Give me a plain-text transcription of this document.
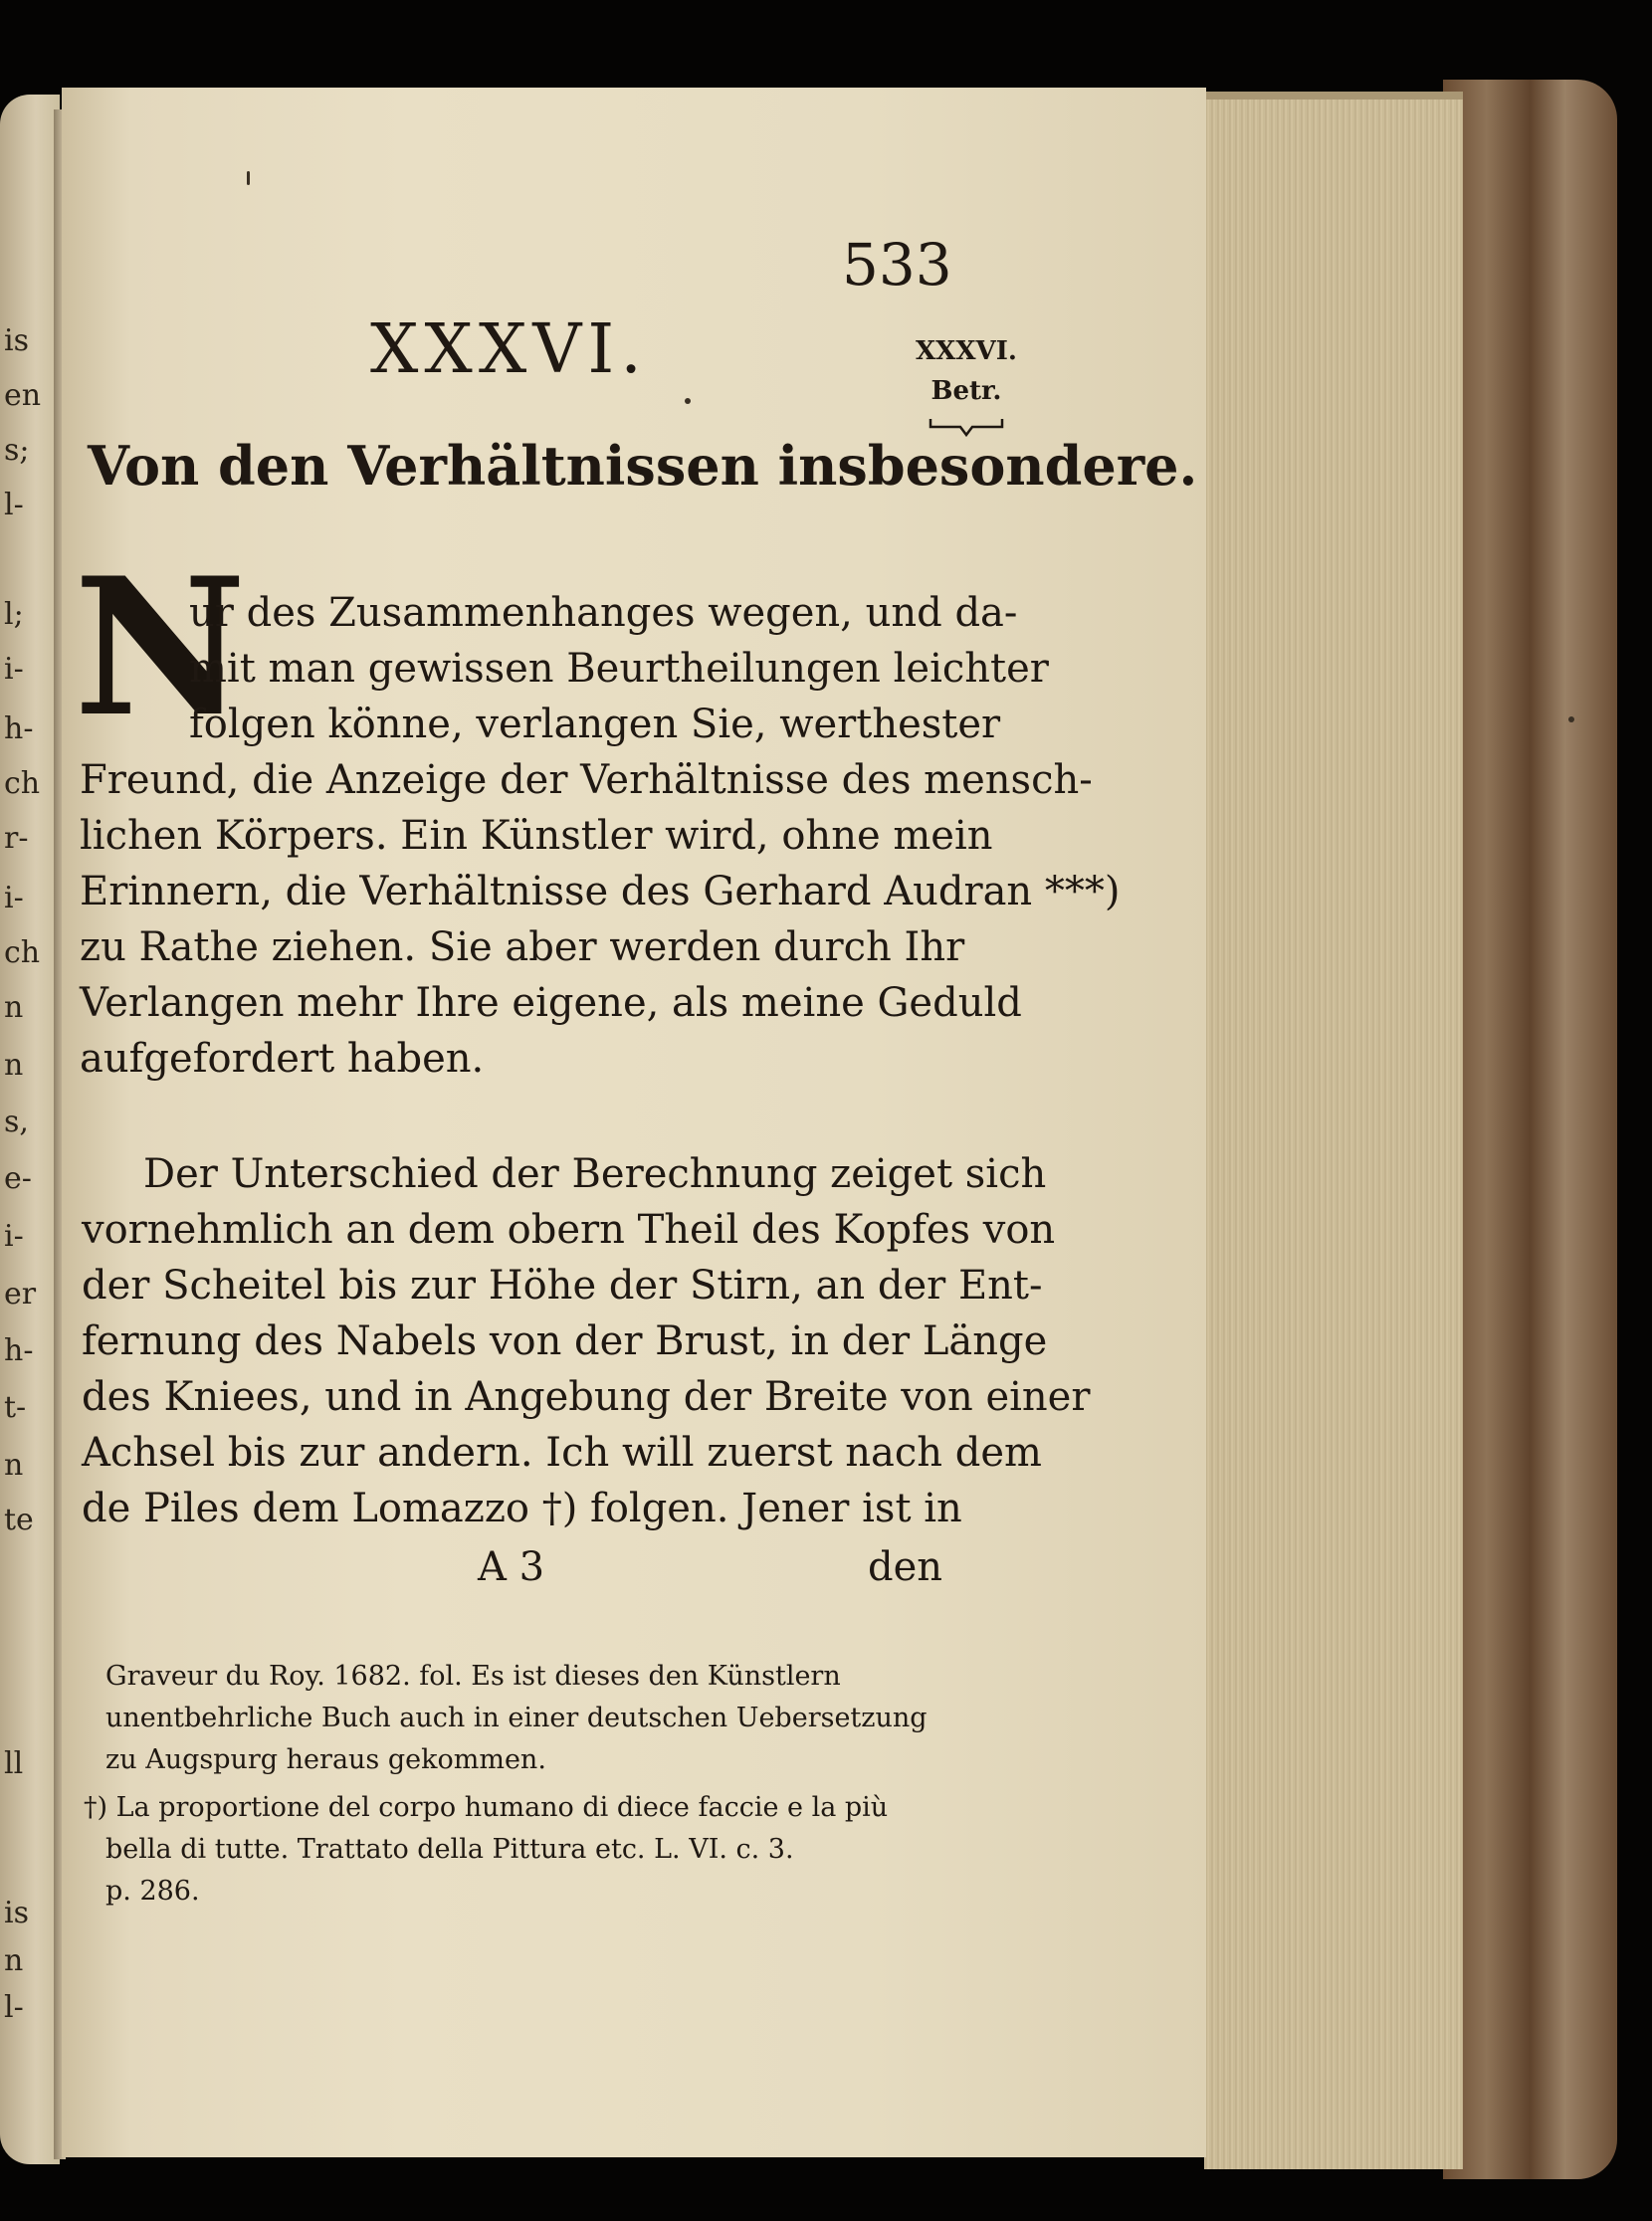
is
en
s;
l-
l;
i-
h-
ch
r-
i-
ch
n
n
s,
e-
i-
er
h-
t-
n
te
ll
is
n
l-
533
XXXVI.	XXXVI.
Betr.
Von den Verhältnissen insbesondere.
N
ur des Zusammenhanges wegen, und da-
mit man gewissen Beurtheilungen leichter
folgen könne, verlangen Sie, werthester
Freund, die Anzeige der Verhältnisse des mensch-
lichen Körpers. Ein Künstler wird, ohne mein
Erinnern, die Verhältnisse des Gerhard Audran ***)
zu Rathe ziehen. Sie aber werden durch Ihr
Verlangen mehr Ihre eigene, als meine Geduld
aufgefordert haben.
Der Unterschied der Berechnung zeiget sich
vornehmlich an dem obern Theil des Kopfes von
der Scheitel bis zur Höhe der Stirn, an der Ent-
fernung des Nabels von der Brust, in der Länge
des Kniees, und in Angebung der Breite von einer
Achsel bis zur andern. Ich will zuerst nach dem
de Piles dem Lomazzo †) folgen. Jener ist in
A 3	den
Graveur du Roy. 1682. fol. Es ist dieses den Künstlern
unentbehrliche Buch auch in einer deutschen Uebersetzung
zu Augspurg heraus gekommen.
†) La proportione del corpo humano di diece faccie e la più
bella di tutte. Trattato della Pittura etc. L. VI. c. 3.
p. 286.
